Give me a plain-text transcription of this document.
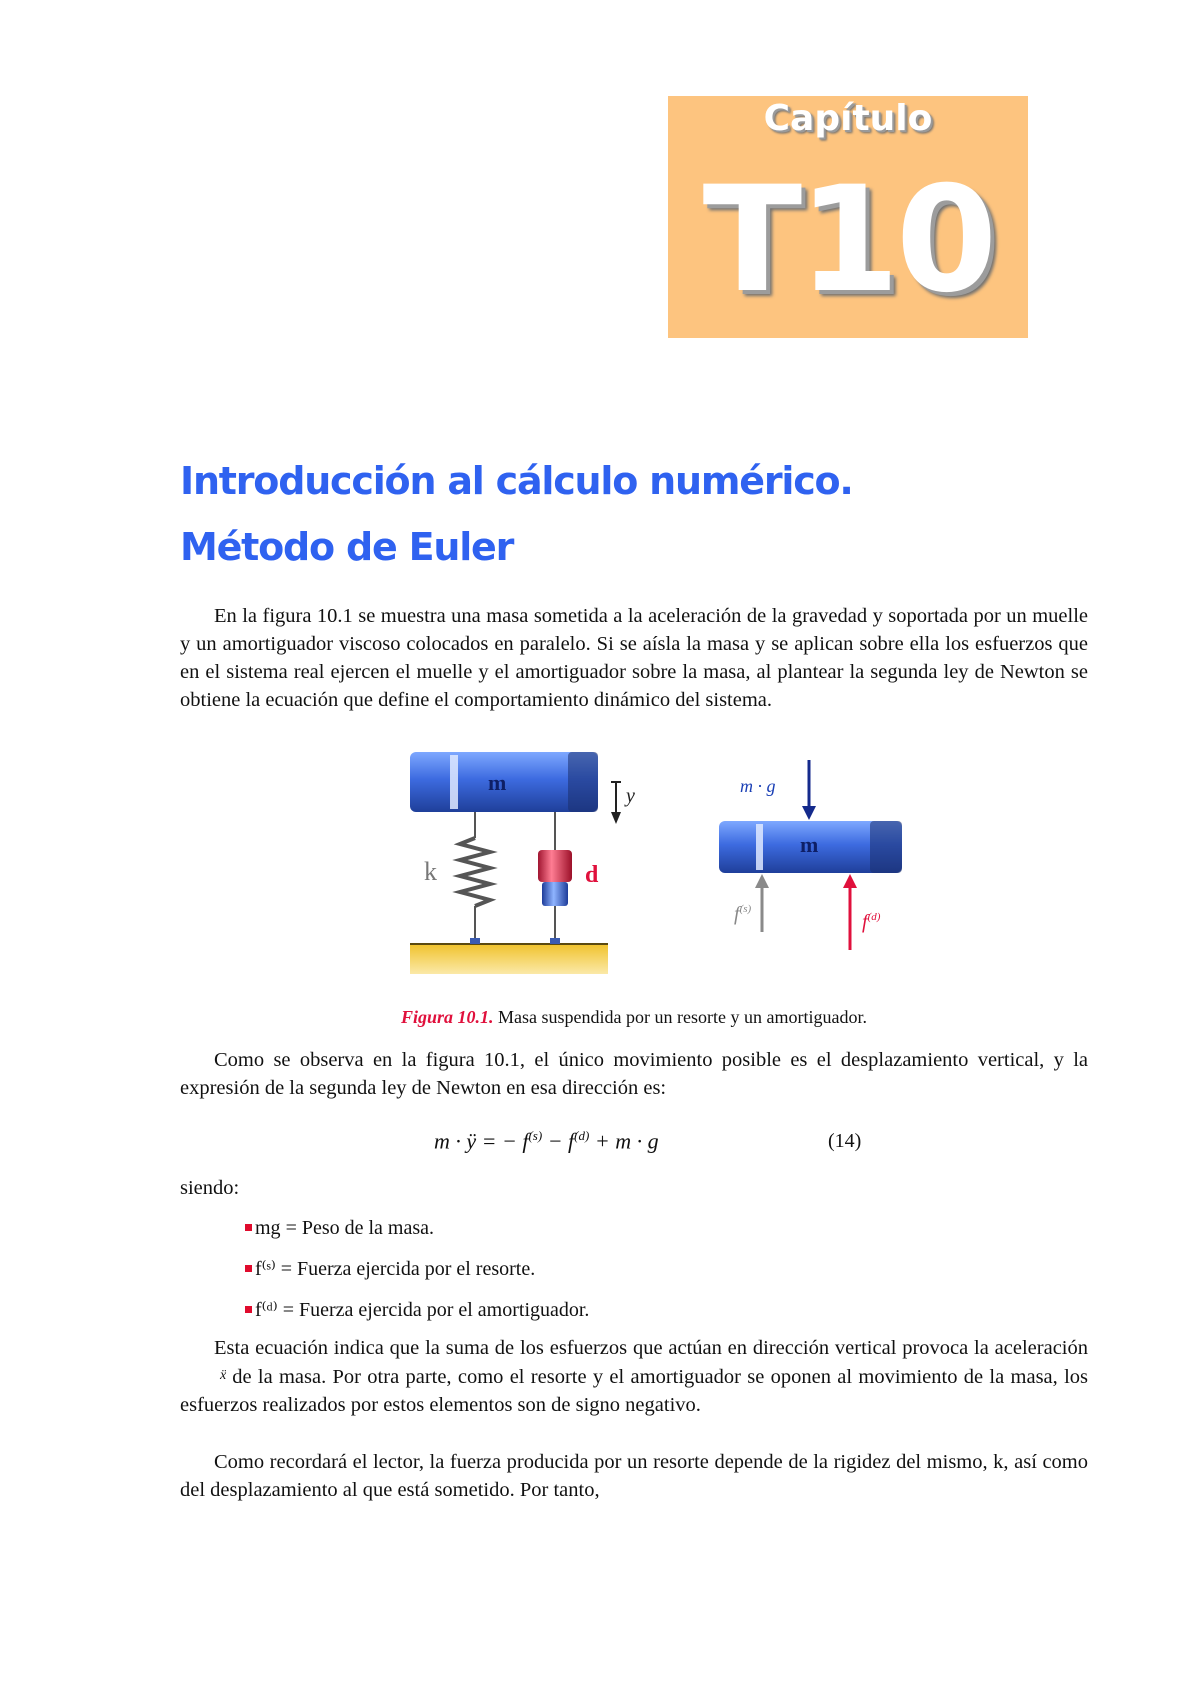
Capítulo
T10
Introducción al cálculo numérico.
Método de Euler

En la figura 10.1 se muestra una masa sometida a la aceleración de la gravedad y soportada por un muelle y un amortiguador viscoso colocados en paralelo. Si se aísla la masa y se aplican sobre ella los esfuerzos que en el sistema real ejercen el muelle y el amortiguador sobre la masa, al plantear la segunda ley de Newton se obtiene la ecuación que define el comportamiento dinámico del sistema.

m
k	d
y	m · g
m
$f^{(s)}$
$f^{(d)}$
Figura 10.1. Masa suspendida por un resorte y un amortiguador.

Como se observa en la figura 10.1, el único movimiento posible es el desplazamiento vertical, y la expresión de la segunda ley de Newton en esa dirección es:

m · ÿ = − $f^{(s)} - f^{(d)} + m \cdot g$	(14)

siendo:

mg = Peso de la masa.
f⁽ˢ⁾ = Fuerza ejercida por el resorte.
f⁽ᵈ⁾ = Fuerza ejercida por el amortiguador.

Esta ecuación indica que la suma de los esfuerzos que actúan en dirección vertical provoca la aceleraciónẍ de la masa. Por otra parte, como el resorte y el amortiguador se oponen al movimiento de la masa, los esfuerzos realizados por estos elementos son de signo negativo.

Como recordará el lector, la fuerza producida por un resorte depende de la rigidez del mismo, k, así como del desplazamiento al que está sometido. Por tanto,
